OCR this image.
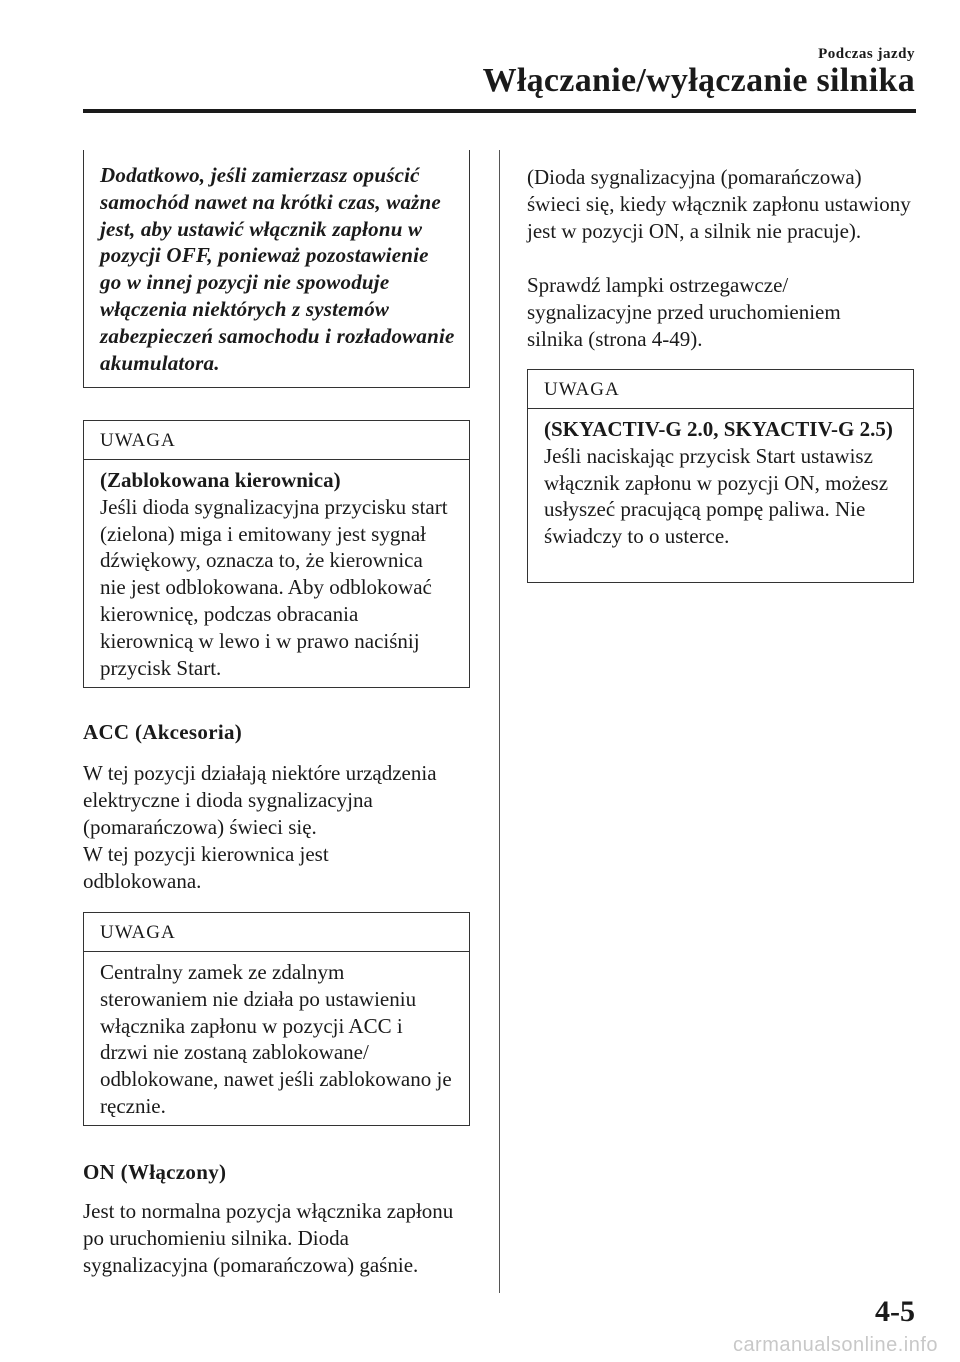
Podczas jazdy
Włączanie/wyłączanie silnika
Dodatkowo, jeśli zamierzasz opuścić samochód nawet na krótki czas, ważne jest, aby ustawić włącznik zapłonu w pozycji OFF, ponieważ pozostawienie go w innej pozycji nie spowoduje włączenia niektórych z systemów zabezpieczeń samochodu i rozładowanie akumulatora.
UWAGA
(Zablokowana kierownica)
Jeśli dioda sygnalizacyjna przycisku start (zielona) miga i emitowany jest sygnał dźwiękowy, oznacza to, że kierownica nie jest odblokowana. Aby odblokować kierownicę, podczas obracania kierownicą w lewo i w prawo naciśnij przycisk Start.
ACC (Akcesoria)

W tej pozycji działają niektóre urządzenia elektryczne i dioda sygnalizacyjna (pomarańczowa) świeci się.

W tej pozycji kierownica jest odblokowana.

UWAGA
Centralny zamek ze zdalnym sterowaniem nie działa po ustawieniu włącznika zapłonu w pozycji ACC i drzwi nie zostaną zablokowane/ odblokowane, nawet jeśli zablokowano je ręcznie.
ON (Włączony)

Jest to normalna pozycja włącznika zapłonu po uruchomieniu silnika. Dioda sygnalizacyjna (pomarańczowa) gaśnie.

(Dioda sygnalizacyjna (pomarańczowa) świeci się, kiedy włącznik zapłonu ustawiony jest w pozycji ON, a silnik nie pracuje).

Sprawdź lampki ostrzegawcze/ sygnalizacyjne przed uruchomieniem silnika (strona 4-49).

UWAGA
(SKYACTIV-G 2.0, SKYACTIV-G 2.5)
Jeśli naciskając przycisk Start ustawisz włącznik zapłonu w pozycji ON, możesz usłyszeć pracującą pompę paliwa. Nie świadczy to o usterce.
4-5
carmanualsonline.info
